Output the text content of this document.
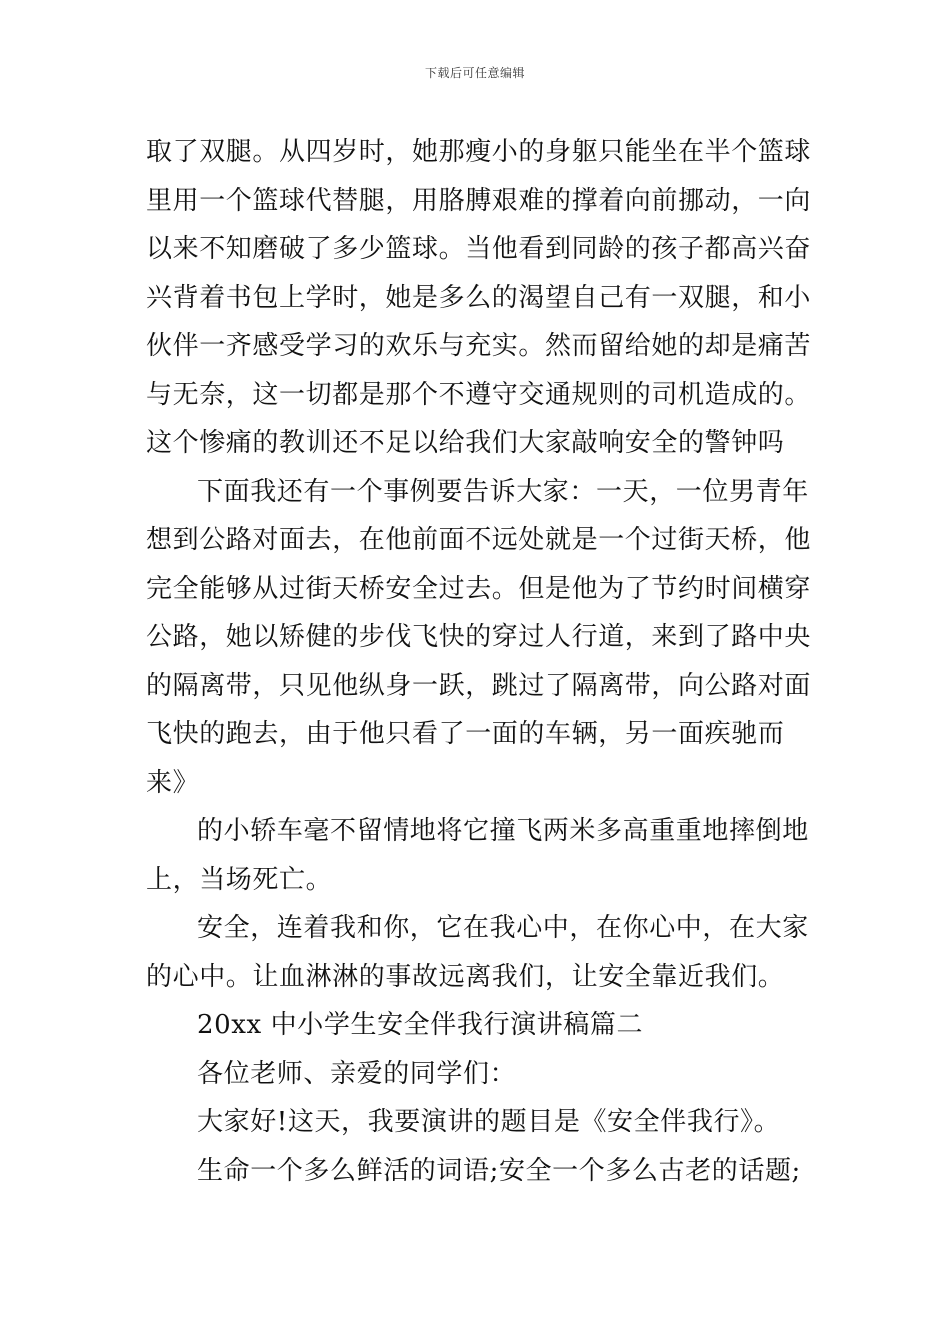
下载后可任意编辑
取了双腿。从四岁时，她那瘦小的身躯只能坐在半个篮球
里用一个篮球代替腿，用胳膊艰难的撑着向前挪动，一向
以来不知磨破了多少篮球。当他看到同龄的孩子都高兴奋
兴背着书包上学时，她是多么的渴望自己有一双腿，和小
伙伴一齐感受学习的欢乐与充实。然而留给她的却是痛苦
与无奈，这一切都是那个不遵守交通规则的司机造成的。
这个惨痛的教训还不足以给我们大家敲响安全的警钟吗
下面我还有一个事例要告诉大家：一天，一位男青年
想到公路对面去，在他前面不远处就是一个过街天桥，他
完全能够从过街天桥安全过去。但是他为了节约时间横穿
公路，她以矫健的步伐飞快的穿过人行道，来到了路中央
的隔离带，只见他纵身一跃，跳过了隔离带，向公路对面
飞快的跑去，由于他只看了一面的车辆，另一面疾驰而
来》
的小轿车毫不留情地将它撞飞两米多高重重地摔倒地
上，当场死亡。
安全，连着我和你，它在我心中，在你心中，在大家
的心中。让血淋淋的事故远离我们，让安全靠近我们。
20xx 中小学生安全伴我行演讲稿篇二
各位老师、亲爱的同学们：
大家好!这天，我要演讲的题目是《安全伴我行》。
生命一个多么鲜活的词语;安全一个多么古老的话题;
